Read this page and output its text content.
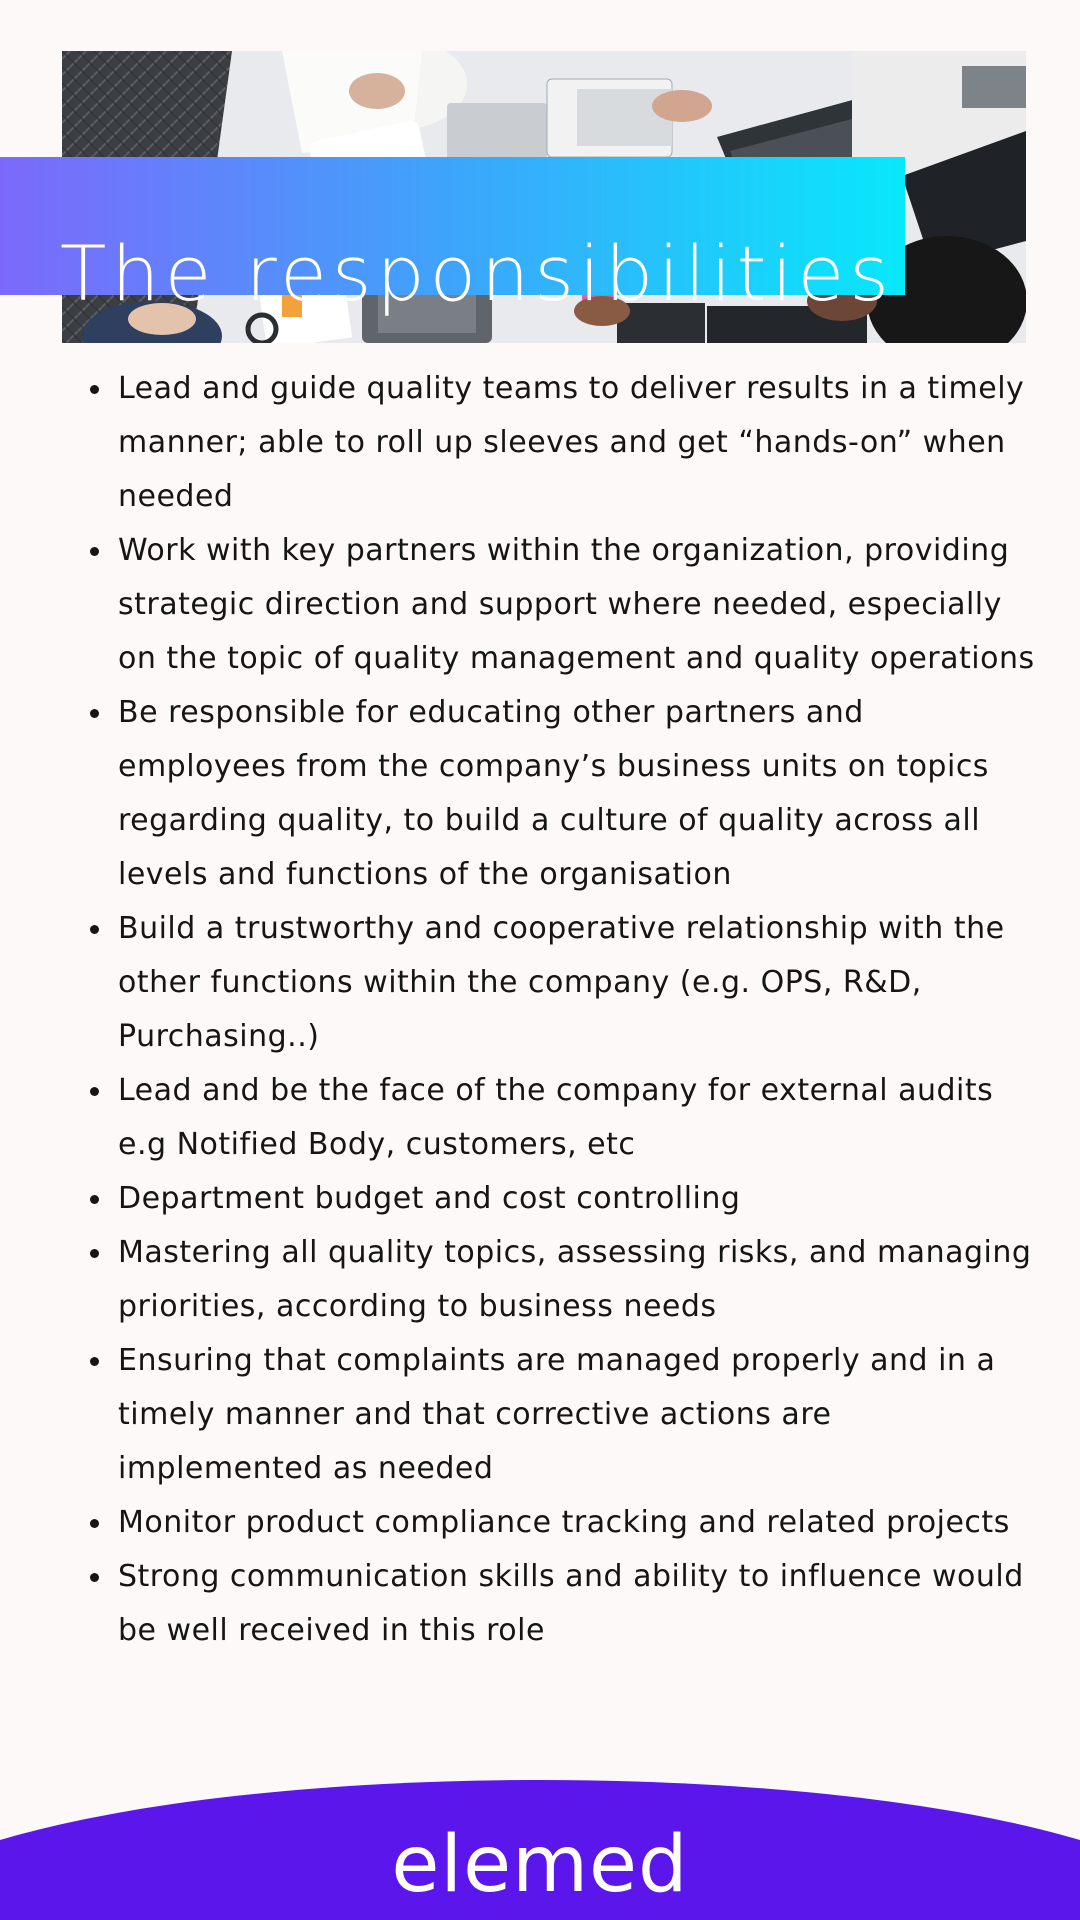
The responsibilities
Lead and guide quality teams to deliver results in a timely manner; able to roll up sleeves and get “hands-on” when needed
Work with key partners within the organization, providing strategic direction and support where needed, especially on the topic of quality management and quality operations
Be responsible for educating other partners and employees from the company’s business units on topics regarding quality, to build a culture of quality across all levels and functions of the organisation
Build a trustworthy and cooperative relationship with the other functions within the company (e.g. OPS, R&D, Purchasing..)
Lead and be the face of the company for external audits e.g Notified Body, customers, etc
Department budget and cost controlling
Mastering all quality topics, assessing risks, and managing priorities, according to business needs
Ensuring that complaints are managed properly and in a timely manner and that corrective actions are implemented as needed
Monitor product compliance tracking and related projects
Strong communication skills and ability to influence would be well received in this role
elemed
